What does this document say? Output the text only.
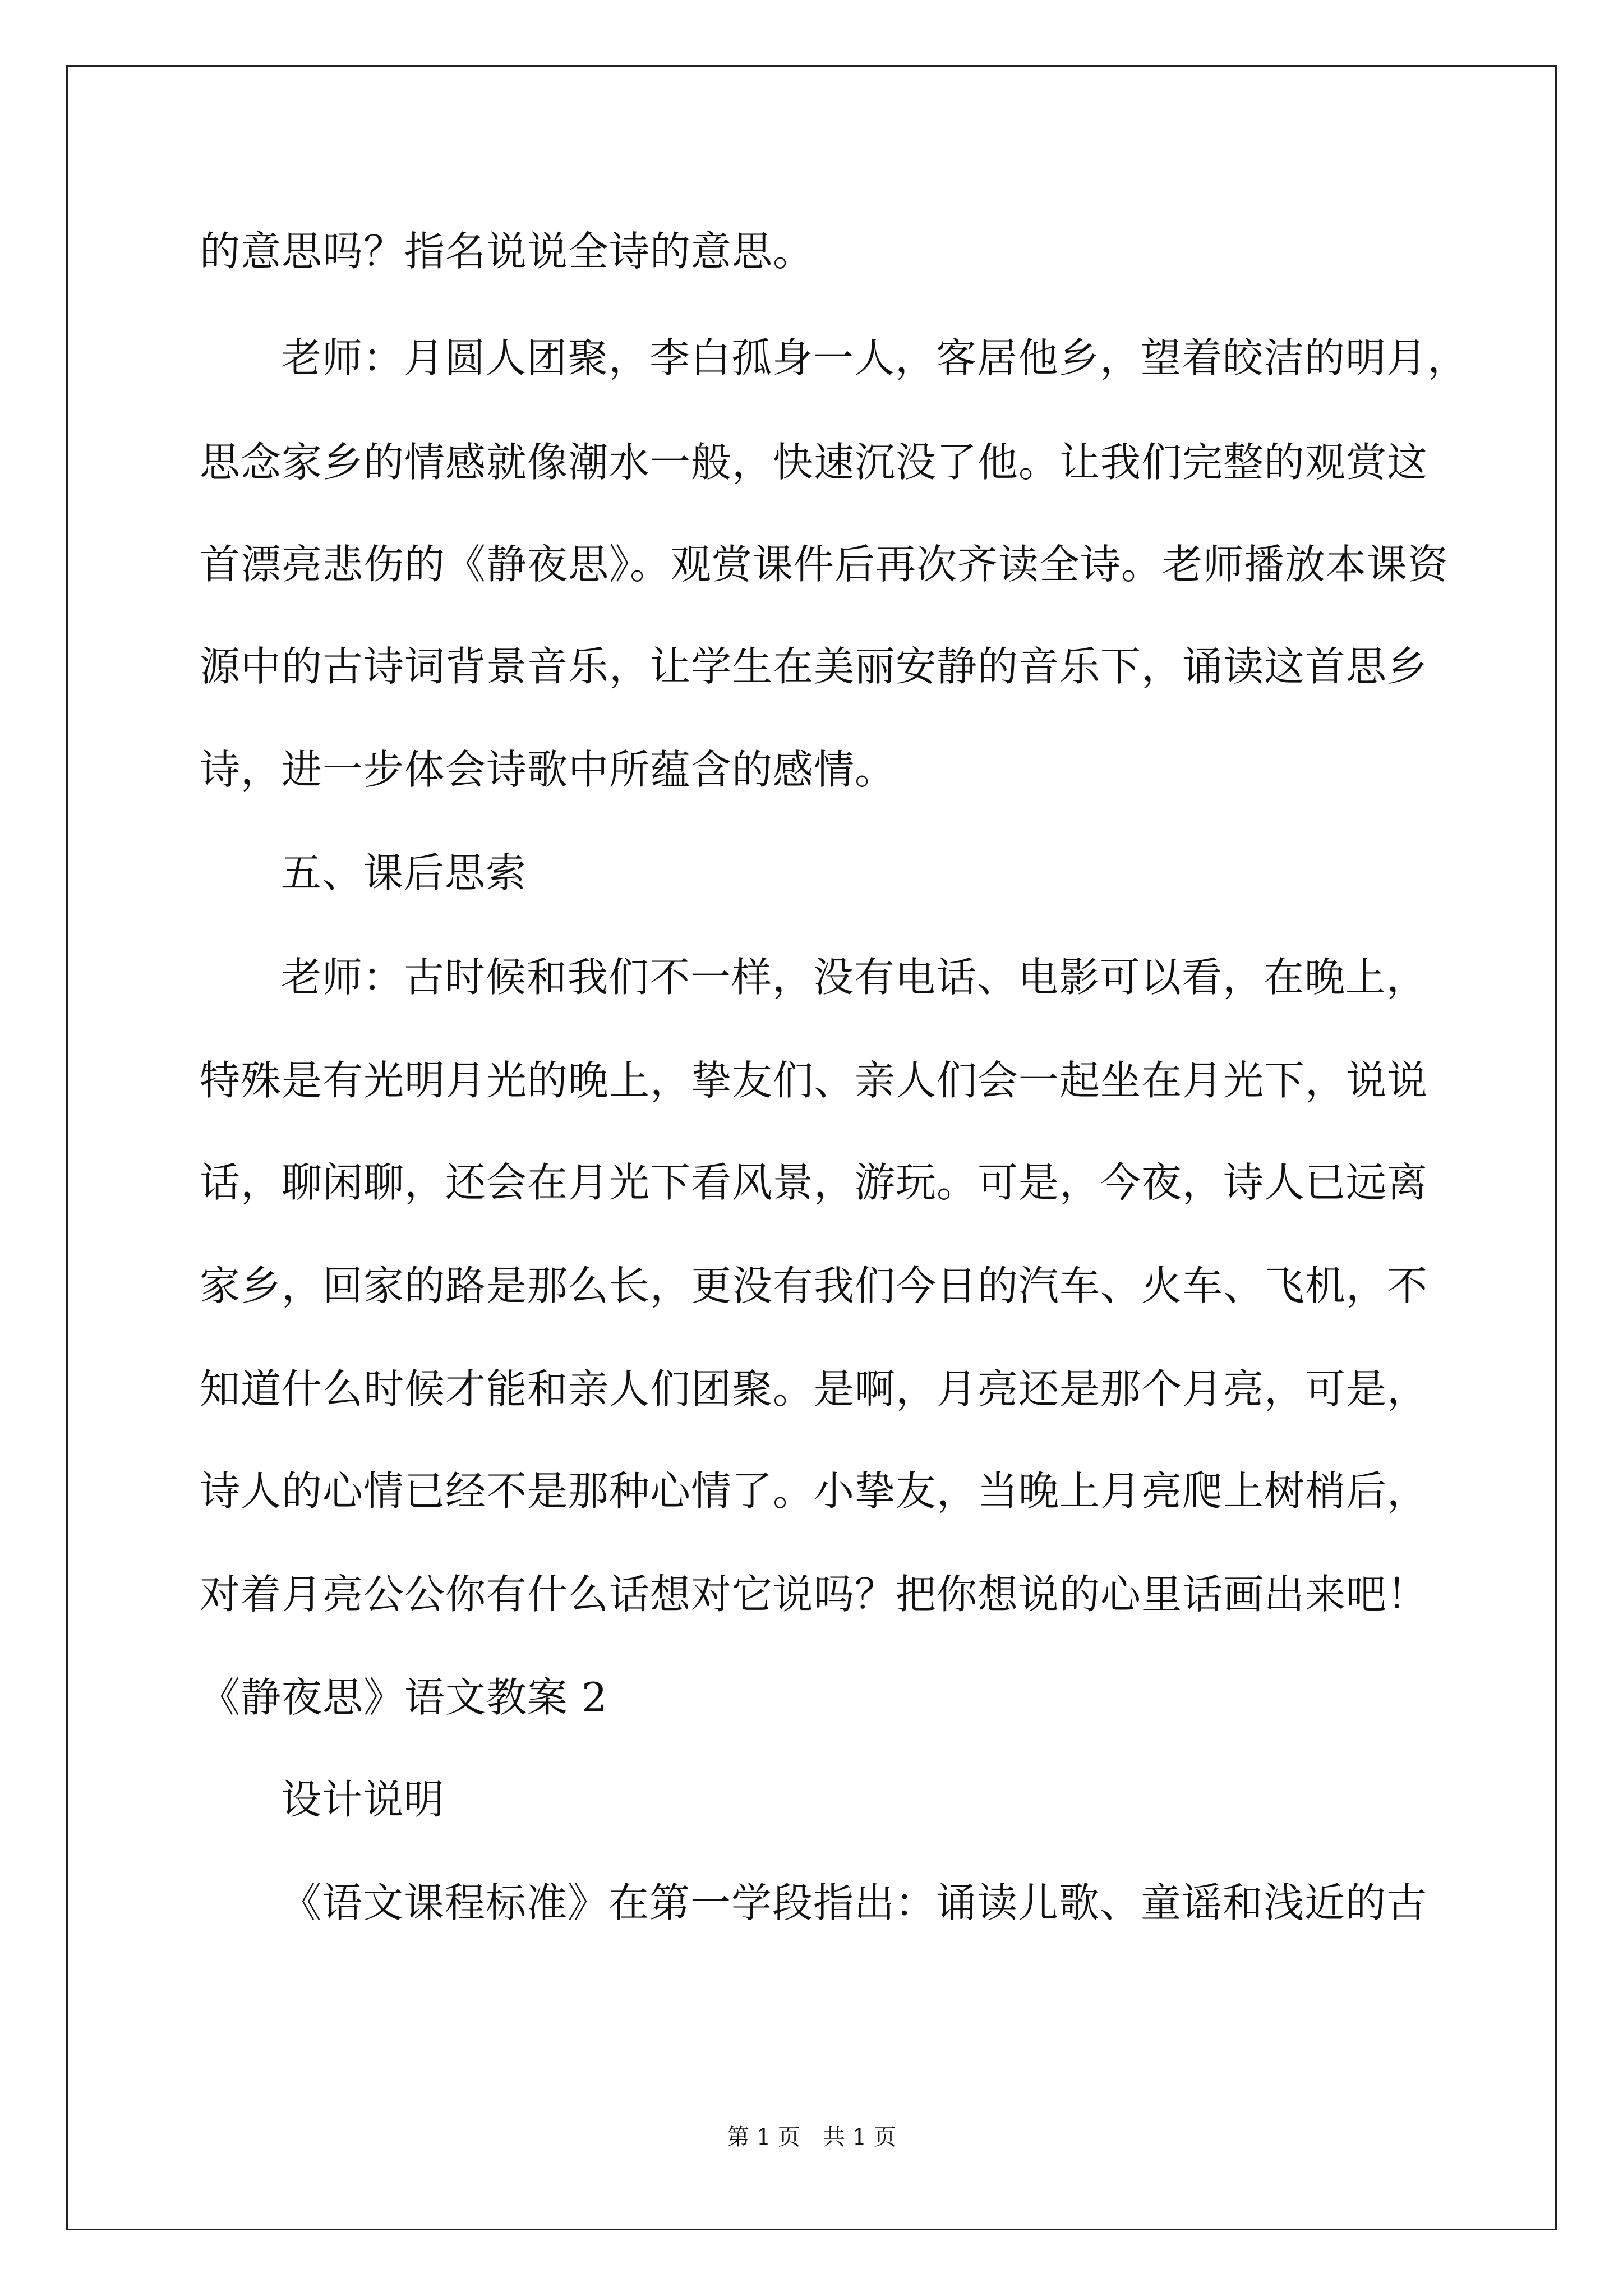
的意思吗？指名说说全诗的意思。
老师：月圆人团聚，李白孤身一人，客居他乡，望着皎洁的明月，
思念家乡的情感就像潮水一般，快速沉没了他。让我们完整的观赏这
首漂亮悲伤的《静夜思》。观赏课件后再次齐读全诗。老师播放本课资
源中的古诗词背景音乐，让学生在美丽安静的音乐下，诵读这首思乡
诗，进一步体会诗歌中所蕴含的感情。
五、课后思索
老师：古时候和我们不一样，没有电话、电影可以看，在晚上，
特殊是有光明月光的晚上，挚友们、亲人们会一起坐在月光下，说说
话，聊闲聊，还会在月光下看风景，游玩。可是，今夜，诗人已远离
家乡，回家的路是那么长，更没有我们今日的汽车、火车、飞机，不
知道什么时候才能和亲人们团聚。是啊，月亮还是那个月亮，可是，
诗人的心情已经不是那种心情了。小挚友，当晚上月亮爬上树梢后，
对着月亮公公你有什么话想对它说吗？把你想说的心里话画出来吧！
《静夜思》语文教案 2
设计说明
《语文课程标准》在第一学段指出：诵读儿歌、童谣和浅近的古
第 1 页　共 1 页
